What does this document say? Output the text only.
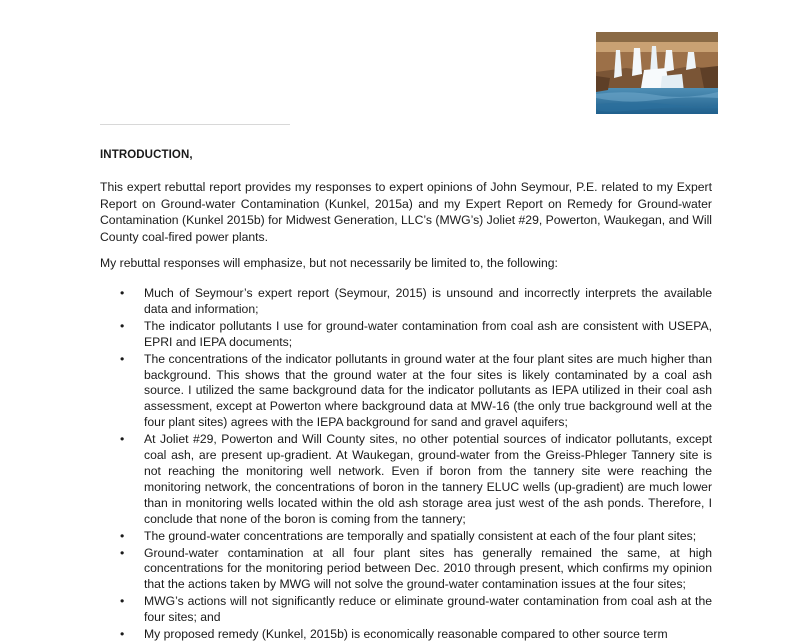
INTRODUCTION,

This expert rebuttal report provides my responses to expert opinions of John Seymour, P.E. related to my Expert Report on Ground-water Contamination (Kunkel, 2015a) and my Expert Report on Remedy for Ground-water Contamination (Kunkel 2015b) for Midwest Generation, LLC’s (MWG’s) Joliet #29, Powerton, Waukegan, and Will County coal-fired power plants.

My rebuttal responses will emphasize, but not necessarily be limited to, the following:

• Much of Seymour’s expert report (Seymour, 2015) is unsound and incorrectly interprets the available data and information;
• The indicator pollutants I use for ground-water contamination from coal ash are consistent with USEPA, EPRI and IEPA documents;
• The concentrations of the indicator pollutants in ground water at the four plant sites are much higher than background. This shows that the ground water at the four sites is likely contaminated by a coal ash source. I utilized the same background data for the indicator pollutants as IEPA utilized in their coal ash assessment, except at Powerton where background data at MW-16 (the only true background well at the four plant sites) agrees with the IEPA background for sand and gravel aquifers;
• At Joliet #29, Powerton and Will County sites, no other potential sources of indicator pollutants, except coal ash, are present up-gradient. At Waukegan, ground-water from the Greiss-Phleger Tannery site is not reaching the monitoring well network. Even if boron from the tannery site were reaching the monitoring network, the concentrations of boron in the tannery ELUC wells (up-gradient) are much lower than in monitoring wells located within the old ash storage area just west of the ash ponds. Therefore, I conclude that none of the boron is coming from the tannery;
• The ground-water concentrations are temporally and spatially consistent at each of the four plant sites;
• Ground-water contamination at all four plant sites has generally remained the same, at high concentrations for the monitoring period between Dec. 2010 through present, which confirms my opinion that the actions taken by MWG will not solve the ground-water contamination issues at the four sites;
• MWG’s actions will not significantly reduce or eliminate ground-water contamination from coal ash at the four sites; and
• My proposed remedy (Kunkel, 2015b) is economically reasonable compared to other source term
